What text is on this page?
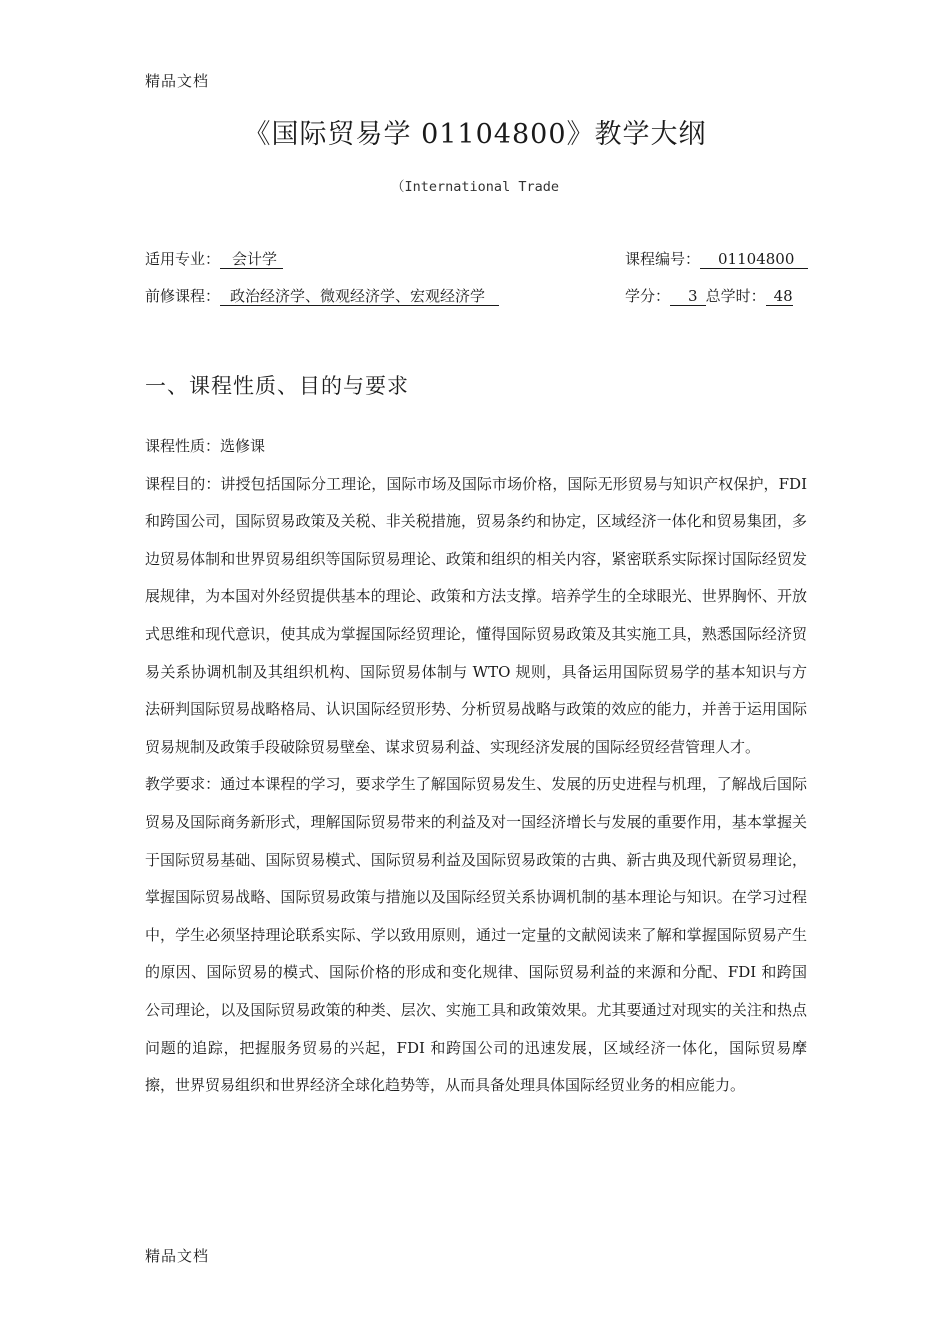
精品文档
《国际贸易学 01104800》教学大纲
（International Trade
适用专业： 会计学	课程编号： 01104800
前修课程： 政治经济学、微观经济学、宏观经济学	学分： 3 总学时： 48
一、课程性质、目的与要求

课程性质：选修课

课程目的：讲授包括国际分工理论，国际市场及国际市场价格，国际无形贸易与知识产权保护，FDI 和跨国公司，国际贸易政策及关税、非关税措施，贸易条约和协定，区域经济一体化和贸易集团，多边贸易体制和世界贸易组织等国际贸易理论、政策和组织的相关内容，紧密联系实际探讨国际经贸发展规律，为本国对外经贸提供基本的理论、政策和方法支撑。培养学生的全球眼光、世界胸怀、开放式思维和现代意识，使其成为掌握国际经贸理论，懂得国际贸易政策及其实施工具，熟悉国际经济贸易关系协调机制及其组织机构、国际贸易体制与 WTO 规则，具备运用国际贸易学的基本知识与方法研判国际贸易战略格局、认识国际经贸形势、分析贸易战略与政策的效应的能力，并善于运用国际贸易规制及政策手段破除贸易壁垒、谋求贸易利益、实现经济发展的国际经贸经营管理人才。

教学要求：通过本课程的学习，要求学生了解国际贸易发生、发展的历史进程与机理，了解战后国际贸易及国际商务新形式，理解国际贸易带来的利益及对一国经济增长与发展的重要作用，基本掌握关于国际贸易基础、国际贸易模式、国际贸易利益及国际贸易政策的古典、新古典及现代新贸易理论，掌握国际贸易战略、国际贸易政策与措施以及国际经贸关系协调机制的基本理论与知识。在学习过程中，学生必须坚持理论联系实际、学以致用原则，通过一定量的文献阅读来了解和掌握国际贸易产生的原因、国际贸易的模式、国际价格的形成和变化规律、国际贸易利益的来源和分配、FDI 和跨国公司理论，以及国际贸易政策的种类、层次、实施工具和政策效果。尤其要通过对现实的关注和热点问题的追踪，把握服务贸易的兴起，FDI 和跨国公司的迅速发展，区域经济一体化，国际贸易摩擦，世界贸易组织和世界经济全球化趋势等，从而具备处理具体国际经贸业务的相应能力。

精品文档
